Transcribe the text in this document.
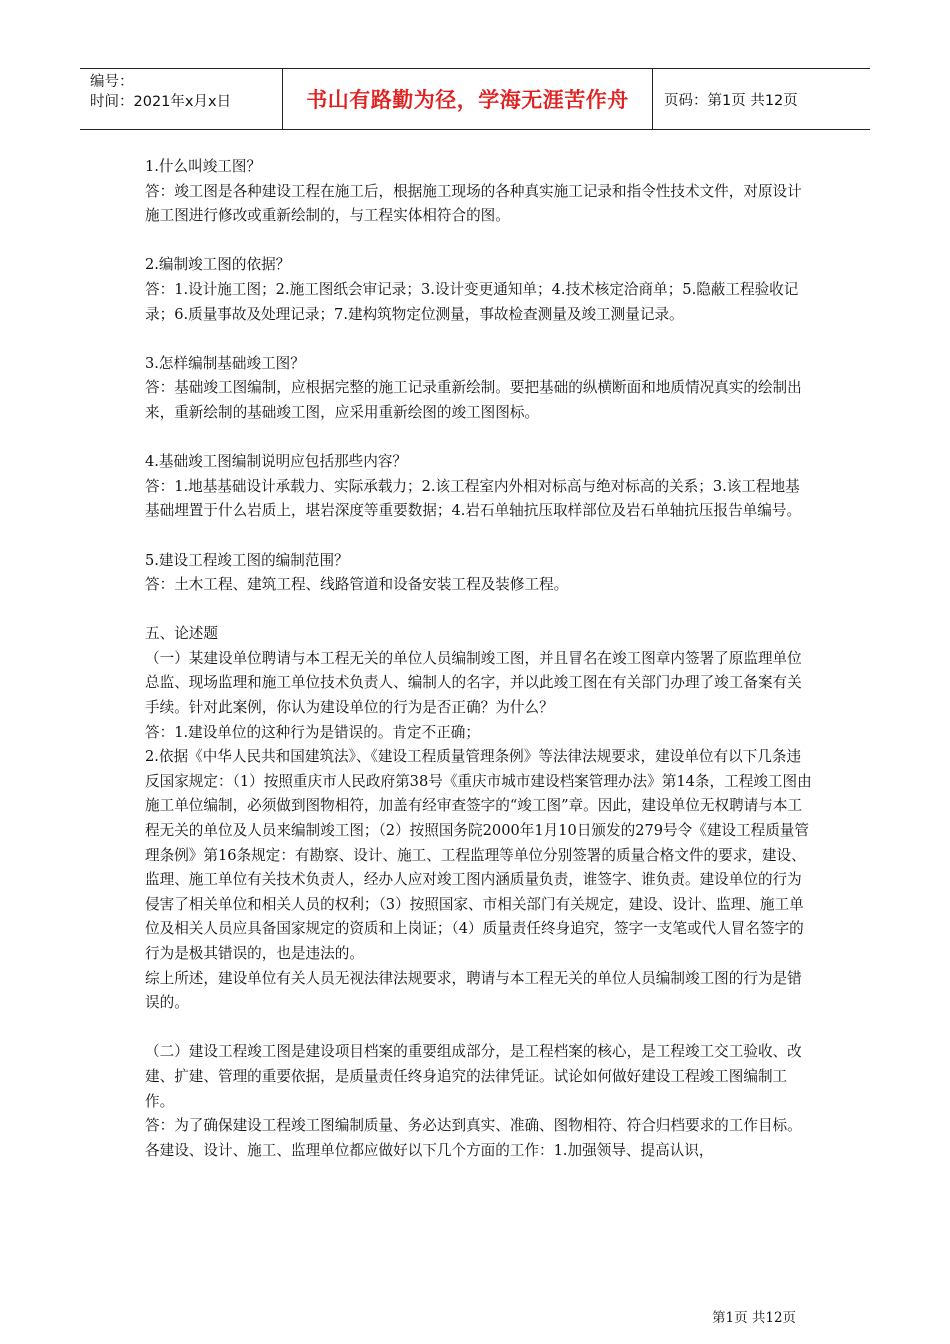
编号：
时间：2021年x月x日	书山有路勤为径，学海无涯苦作舟	页码：第1页 共12页

1.什么叫竣工图？

答：竣工图是各种建设工程在施工后，根据施工现场的各种真实施工记录和指令性技术文件，对原设计施工图进行修改或重新绘制的，与工程实体相符合的图。

2.编制竣工图的依据？

答：1.设计施工图；2.施工图纸会审记录；3.设计变更通知单；4.技术核定洽商单；5.隐蔽工程验收记录；6.质量事故及处理记录；7.建构筑物定位测量，事故检查测量及竣工测量记录。

3.怎样编制基础竣工图？

答：基础竣工图编制，应根据完整的施工记录重新绘制。要把基础的纵横断面和地质情况真实的绘制出来，重新绘制的基础竣工图，应采用重新绘图的竣工图图标。

4.基础竣工图编制说明应包括那些内容？

答：1.地基基础设计承载力、实际承载力；2.该工程室内外相对标高与绝对标高的关系；3.该工程地基基础埋置于什么岩质上，堪岩深度等重要数据；4.岩石单轴抗压取样部位及岩石单轴抗压报告单编号。

5.建设工程竣工图的编制范围？

答：土木工程、建筑工程、线路管道和设备安装工程及装修工程。

五、论述题

（一）某建设单位聘请与本工程无关的单位人员编制竣工图，并且冒名在竣工图章内签署了原监理单位总监、现场监理和施工单位技术负责人、编制人的名字，并以此竣工图在有关部门办理了竣工备案有关手续。针对此案例，你认为建设单位的行为是否正确？为什么？

答：1.建设单位的这种行为是错误的。肯定不正确；

2.依据《中华人民共和国建筑法》、《建设工程质量管理条例》等法律法规要求，建设单位有以下几条违反国家规定：（1）按照重庆市人民政府第38号《重庆市城市建设档案管理办法》第14条，工程竣工图由施工单位编制，必须做到图物相符，加盖有经审查签字的“竣工图”章。因此，建设单位无权聘请与本工程无关的单位及人员来编制竣工图；（2）按照国务院2000年1月10日颁发的279号令《建设工程质量管理条例》第16条规定：有勘察、设计、施工、工程监理等单位分别签署的质量合格文件的要求，建设、监理、施工单位有关技术负责人，经办人应对竣工图内涵质量负责，谁签字、谁负责。建设单位的行为侵害了相关单位和相关人员的权利；（3）按照国家、市相关部门有关规定，建设、设计、监理、施工单位及相关人员应具备国家规定的资质和上岗证；（4）质量责任终身追究，签字一支笔或代人冒名签字的行为是极其错误的，也是违法的。

综上所述，建设单位有关人员无视法律法规要求，聘请与本工程无关的单位人员编制竣工图的行为是错误的。

（二）建设工程竣工图是建设项目档案的重要组成部分，是工程档案的核心，是工程竣工交工验收、改建、扩建、管理的重要依据，是质量责任终身追究的法律凭证。试论如何做好建设工程竣工图编制工作。

答：为了确保建设工程竣工图编制质量、务必达到真实、准确、图物相符、符合归档要求的工作目标。各建设、设计、施工、监理单位都应做好以下几个方面的工作：1.加强领导、提高认识，

第1页 共12页
